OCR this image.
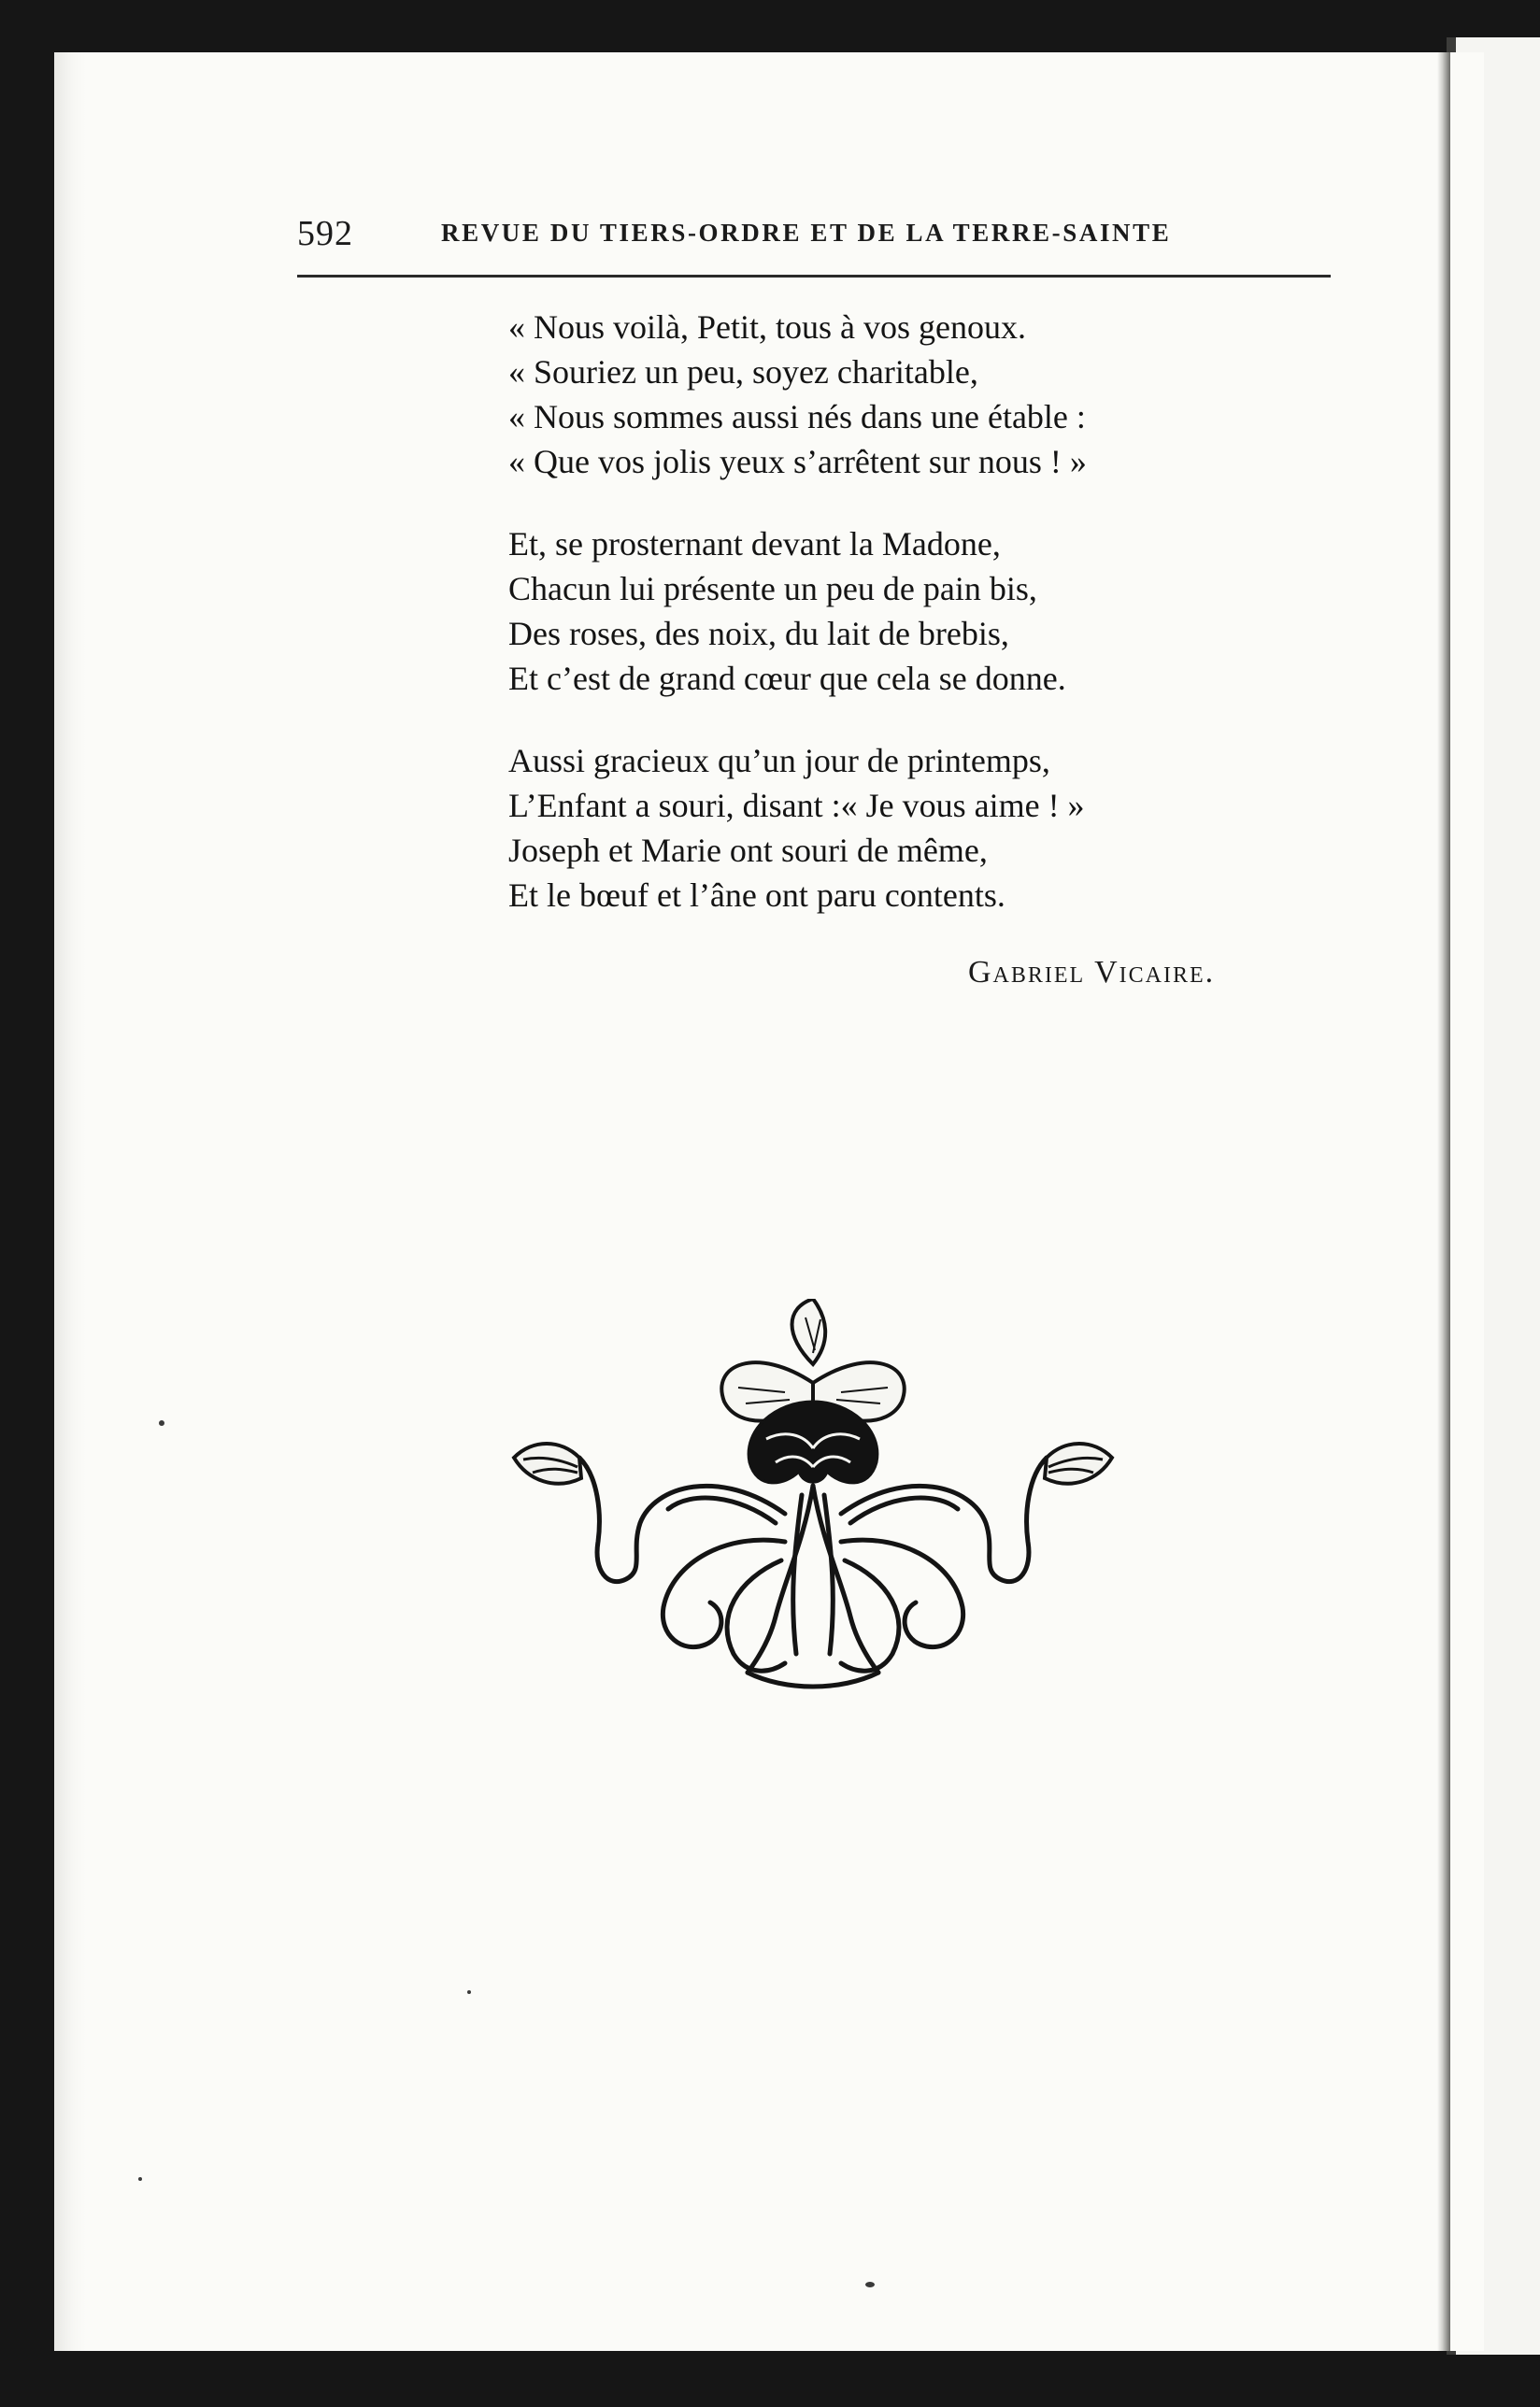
592	REVUE DU TIERS-ORDRE ET DE LA TERRE-SAINTE
« Nous voilà, Petit, tous à vos genoux.
« Souriez un peu, soyez charitable,
« Nous sommes aussi nés dans une étable :
« Que vos jolis yeux s’arrêtent sur nous ! »
Et, se prosternant devant la Madone,
Chacun lui présente un peu de pain bis,
Des roses, des noix, du lait de brebis,
Et c’est de grand cœur que cela se donne.
Aussi gracieux qu’un jour de printemps,
L’Enfant a souri, disant :« Je vous aime ! »
Joseph et Marie ont souri de même,
Et le bœuf et l’âne ont paru contents.
Gabriel Vicaire.
